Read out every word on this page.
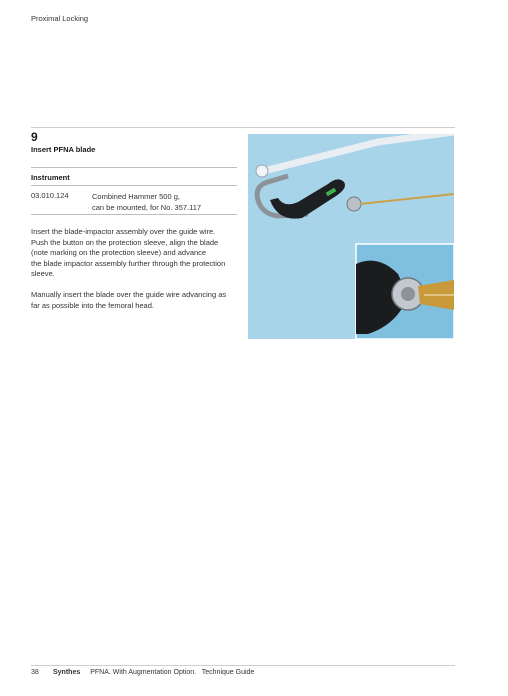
Proximal Locking
9
Insert PFNA blade
Instrument
03.010.124	Combined Hammer 500 g,
can be mounted, for No. 357.117
Insert the blade-impactor assembly over the guide wire.
Push the button on the protection sleeve, align the blade
(note marking on the protection sleeve) and advance
the blade impactor assembly further through the protection
sleeve.
Manually insert the blade over the guide wire advancing as
far as possible into the femoral head.
38	Synthes PFNA. With Augmentation Option.   Technique Guide
